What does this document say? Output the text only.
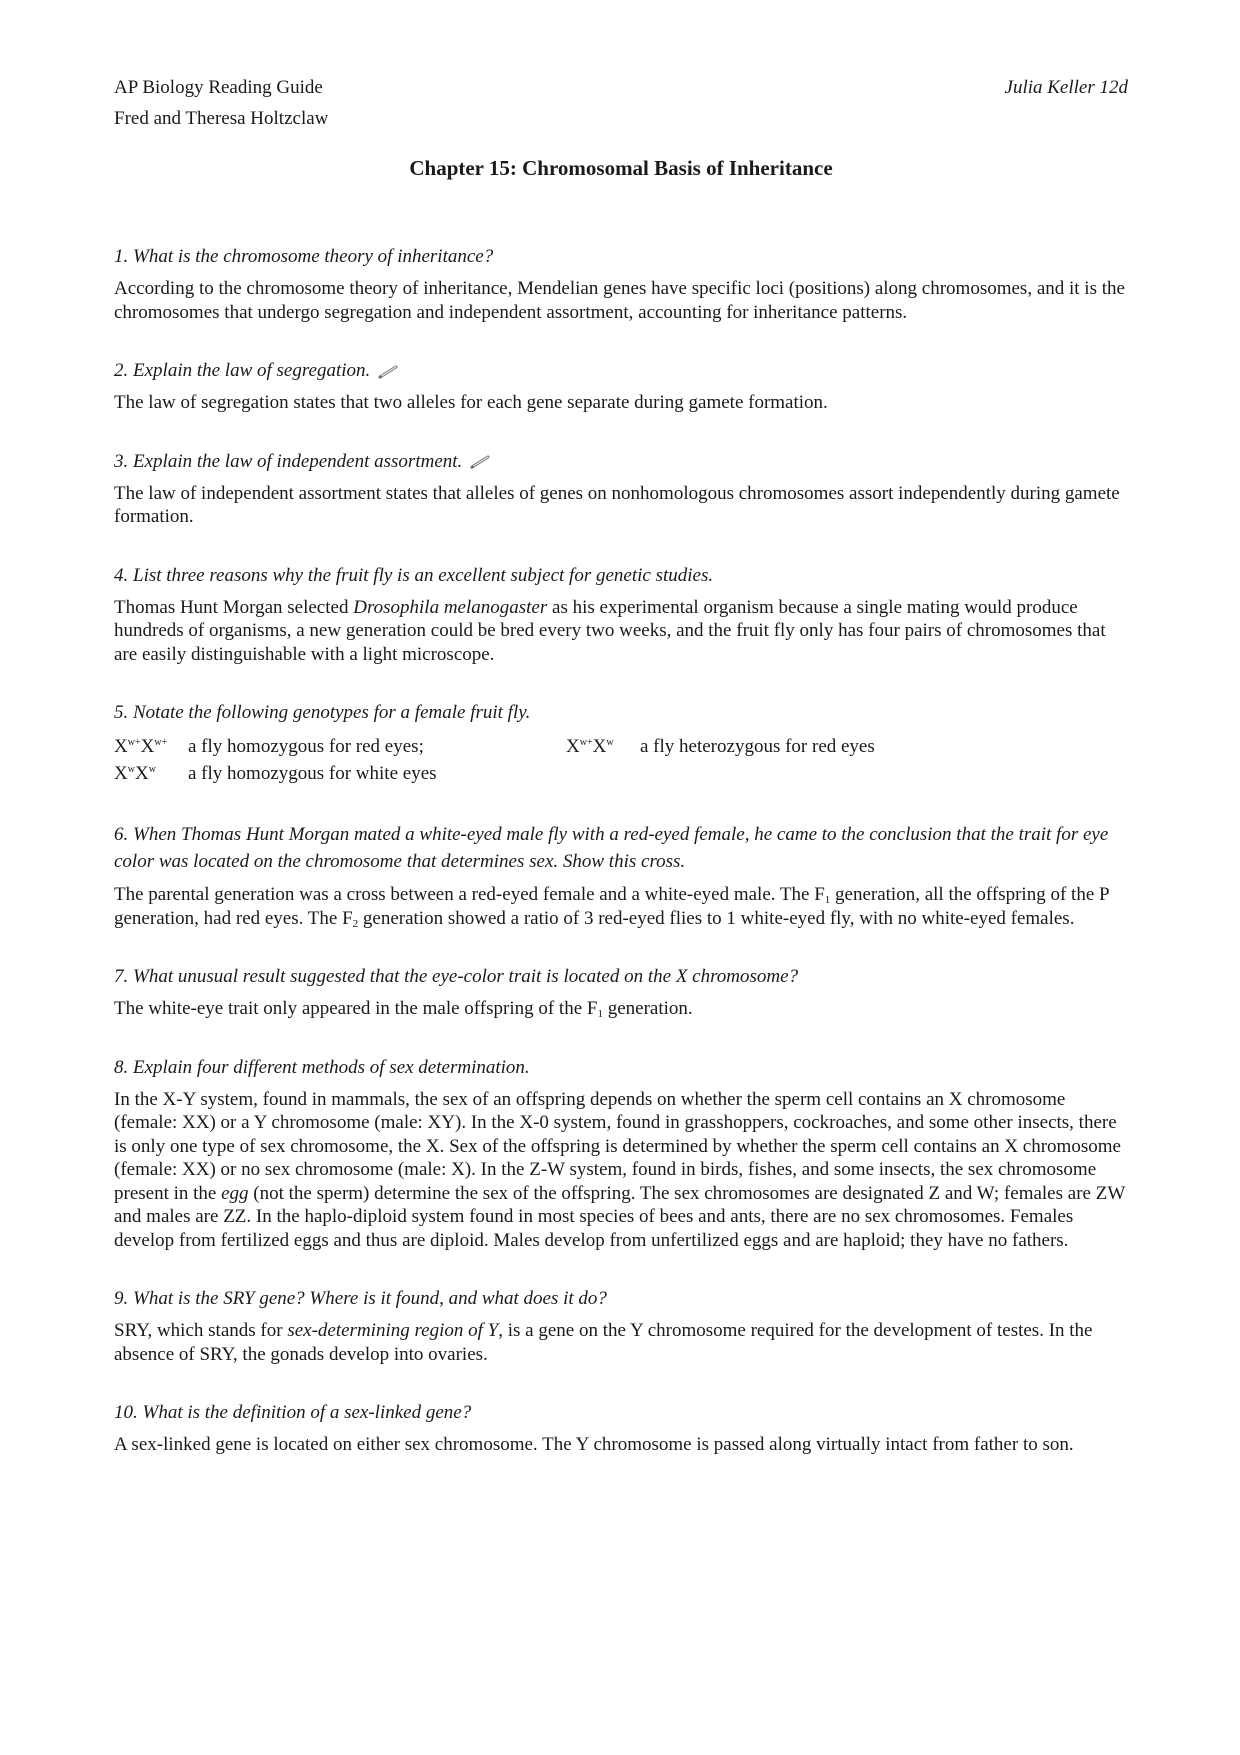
AP Biology Reading Guide
Fred and Theresa Holtzclaw
Julia Keller 12d
Chapter 15: Chromosomal Basis of Inheritance
1. What is the chromosome theory of inheritance?
According to the chromosome theory of inheritance, Mendelian genes have specific loci (positions) along chromosomes, and it is the chromosomes that undergo segregation and independent assortment, accounting for inheritance patterns.
2. Explain the law of segregation.
The law of segregation states that two alleles for each gene separate during gamete formation.
3. Explain the law of independent assortment.
The law of independent assortment states that alleles of genes on nonhomologous chromosomes assort independently during gamete formation.
4. List three reasons why the fruit fly is an excellent subject for genetic studies.
Thomas Hunt Morgan selected Drosophila melanogaster as his experimental organism because a single mating would produce hundreds of organisms, a new generation could be bred every two weeks, and the fruit fly only has four pairs of chromosomes that are easily distinguishable with a light microscope.
5. Notate the following genotypes for a female fruit fly.
$X^{w+}X^{w+}$	a fly homozygous for red eyes;	$X^{w+}X^w$	a fly heterozygous for red eyes
$X^wX^w$	a fly homozygous for white eyes
6. When Thomas Hunt Morgan mated a white-eyed male fly with a red-eyed female, he came to the conclusion that the trait for eye color was located on the chromosome that determines sex. Show this cross.
The parental generation was a cross between a red-eyed female and a white-eyed male. The $F_1$ generation, all the offspring of the P generation, had red eyes. The $F_2$ generation showed a ratio of 3 red-eyed flies to 1 white-eyed fly, with no white-eyed females.
7. What unusual result suggested that the eye-color trait is located on the X chromosome?
The white-eye trait only appeared in the male offspring of the $F_1$ generation.
8. Explain four different methods of sex determination.
In the X-Y system, found in mammals, the sex of an offspring depends on whether the sperm cell contains an X chromosome (female: XX) or a Y chromosome (male: XY). In the X-0 system, found in grasshoppers, cockroaches, and some other insects, there is only one type of sex chromosome, the X. Sex of the offspring is determined by whether the sperm cell contains an X chromosome (female: XX) or no sex chromosome (male: X). In the Z-W system, found in birds, fishes, and some insects, the sex chromosome present in the egg (not the sperm) determine the sex of the offspring. The sex chromosomes are designated Z and W; females are ZW and males are ZZ. In the haplo-diploid system found in most species of bees and ants, there are no sex chromosomes. Females develop from fertilized eggs and thus are diploid. Males develop from unfertilized eggs and are haploid; they have no fathers.
9. What is the SRY gene? Where is it found, and what does it do?
SRY, which stands for sex-determining region of Y, is a gene on the Y chromosome required for the development of testes. In the absence of SRY, the gonads develop into ovaries.
10. What is the definition of a sex-linked gene?
A sex-linked gene is located on either sex chromosome. The Y chromosome is passed along virtually intact from father to son.
